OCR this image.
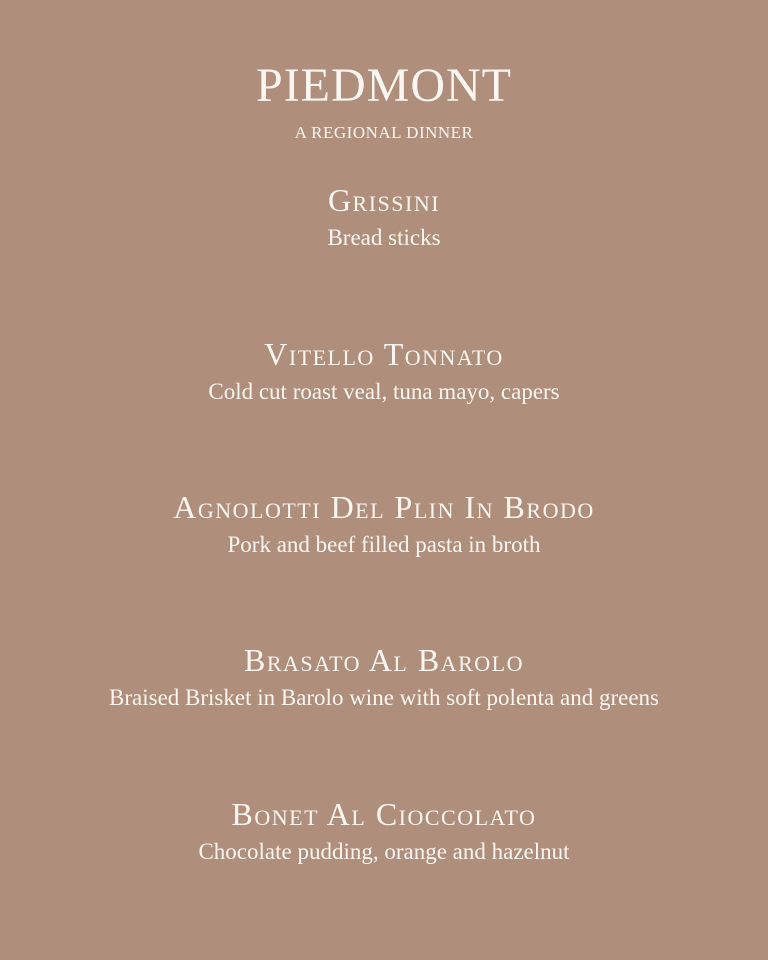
PIEDMONT
A REGIONAL DINNER
Grissini
Bread sticks
Vitello Tonnato
Cold cut roast veal, tuna mayo, capers
Agnolotti Del Plin In Brodo
Pork and beef filled pasta in broth
Brasato Al Barolo
Braised Brisket in Barolo wine with soft polenta and greens
Bonet Al Cioccolato
Chocolate pudding, orange and hazelnut
